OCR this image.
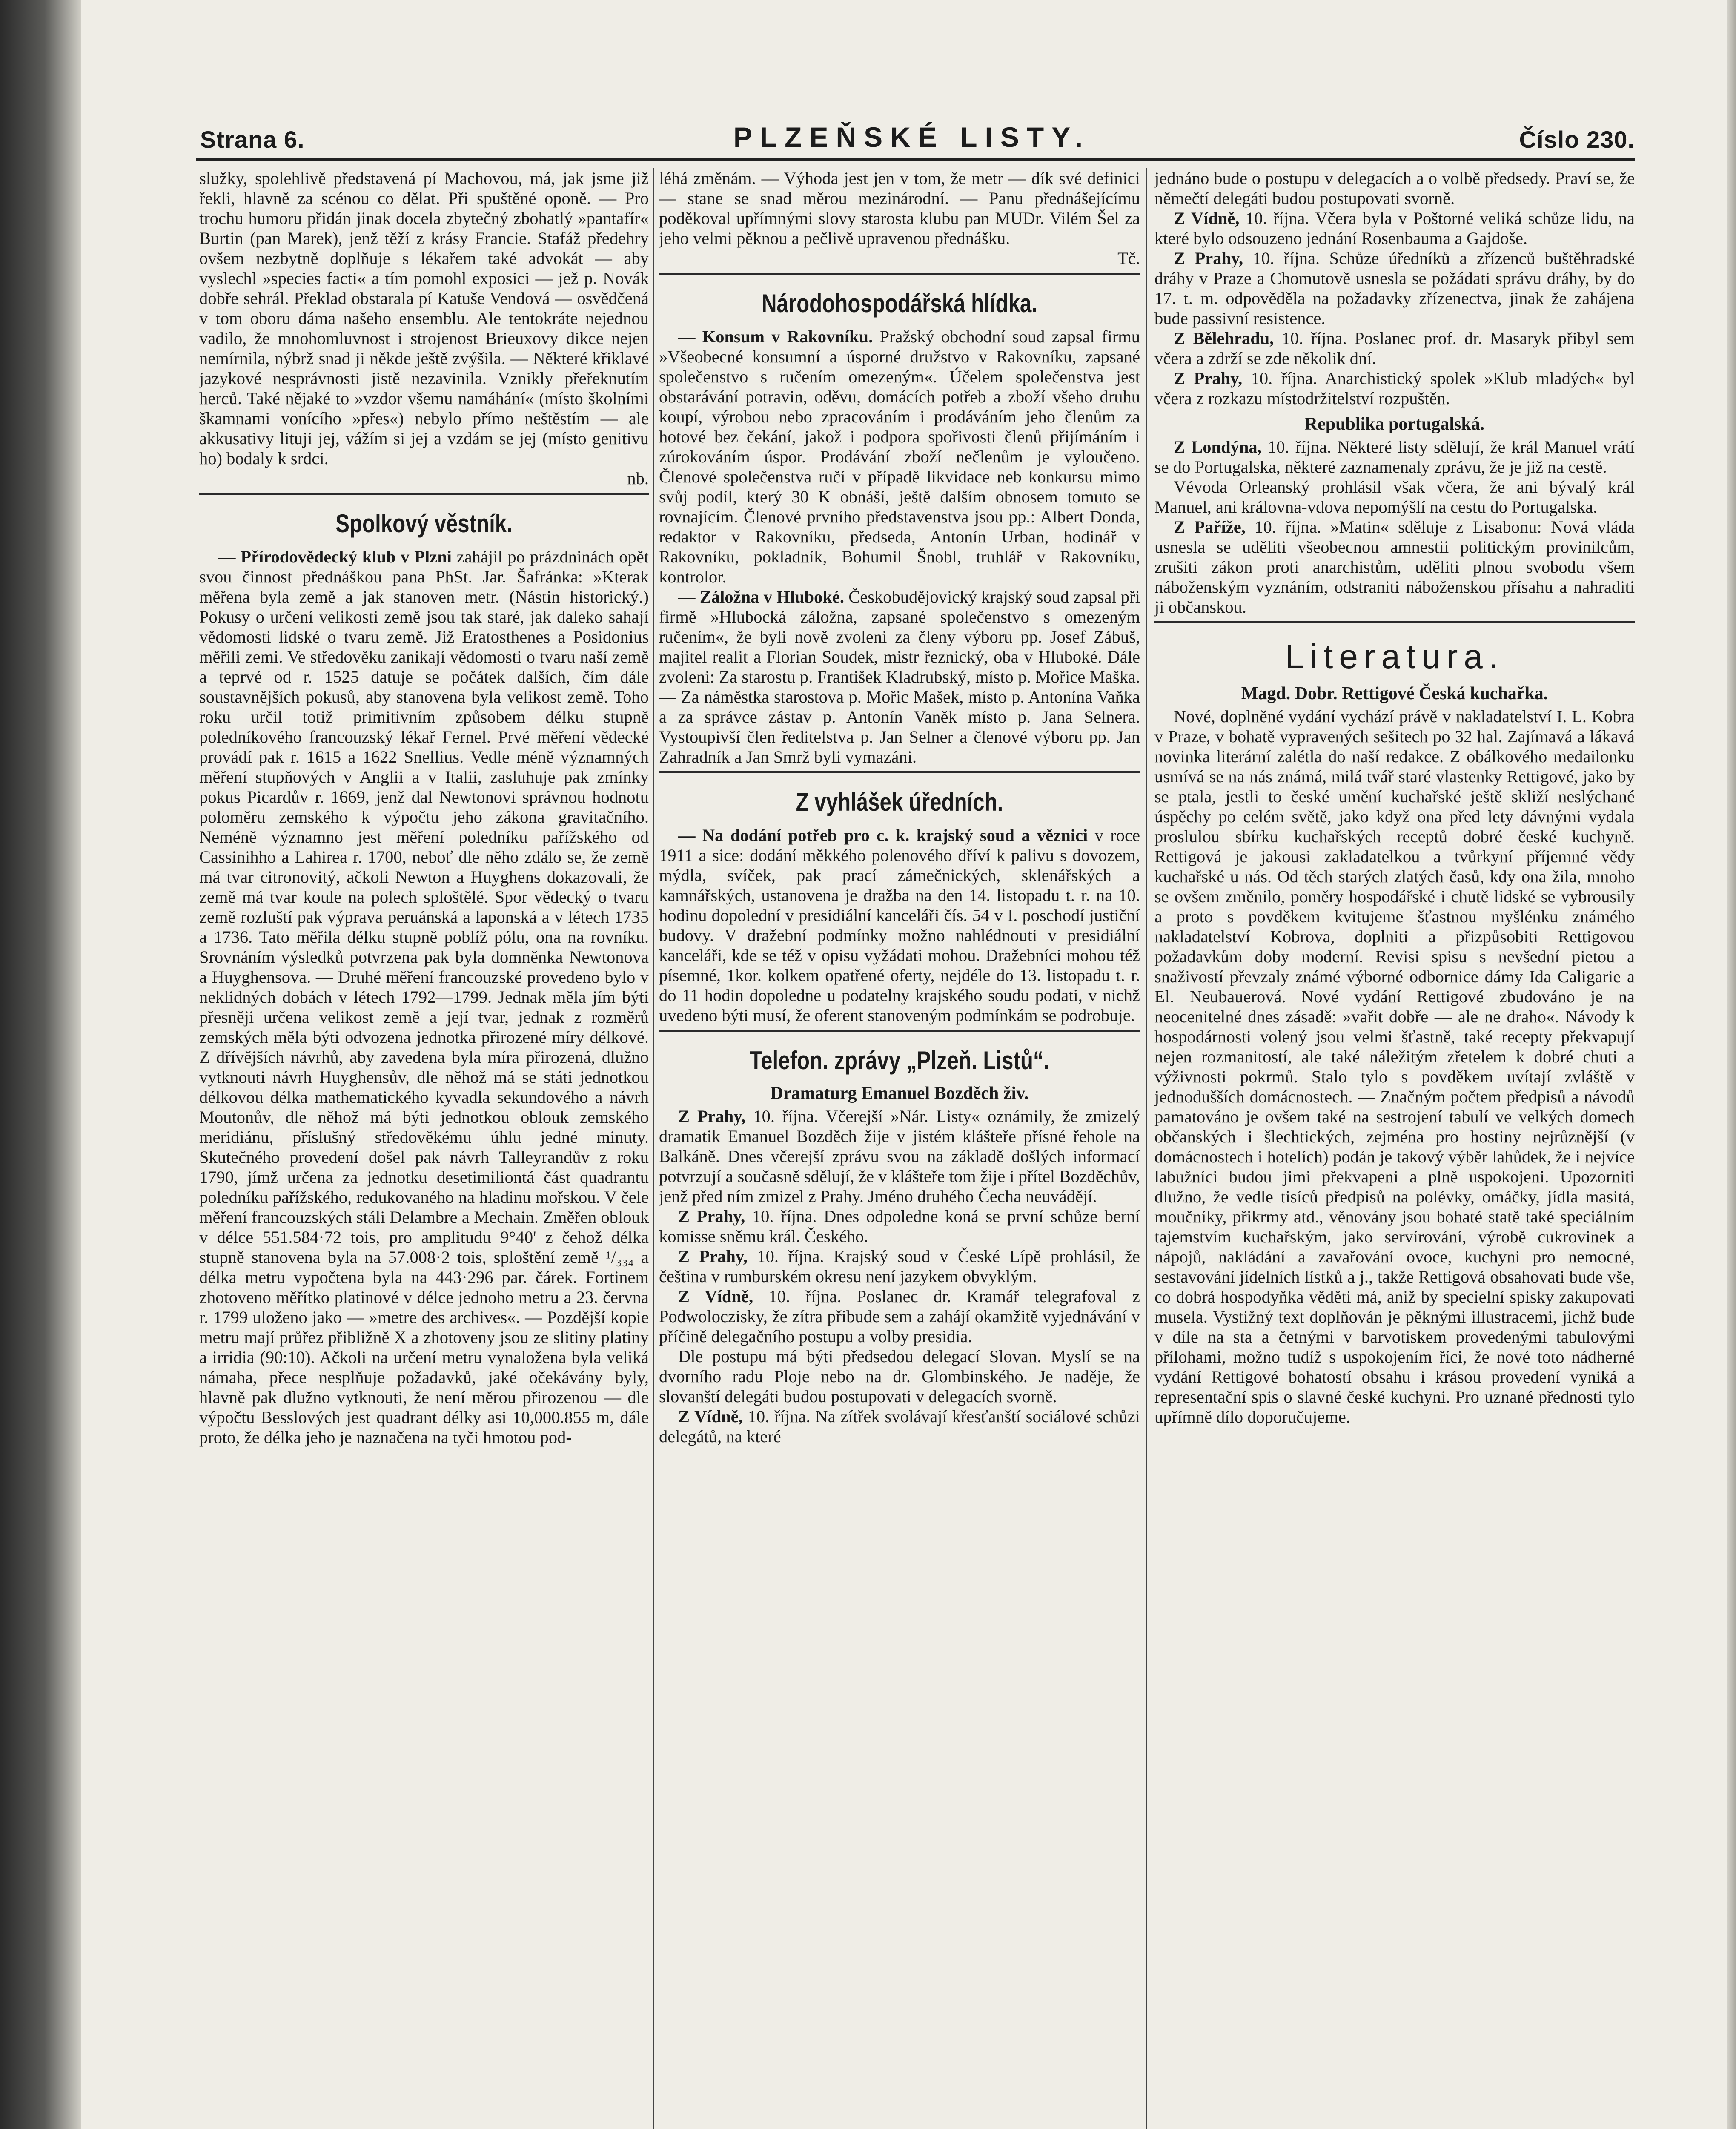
Strana 6.	PLZEŇSKÉ LISTY.	Číslo 230.

služky, spolehlivě představená pí Machovou, má, jak jsme již řekli, hlavně za scénou co dělat. Při spuštěné oponě. — Pro trochu humoru přidán jinak docela zbytečný zbohatlý »pantafír« Burtin (pan Marek), jenž těží z krásy Francie. Stafáž předehry ovšem nezbytně doplňuje s lékařem také advokát — aby vyslechl »species facti« a tím pomohl exposici — jež p. Novák dobře sehrál. Překlad obstarala pí Katuše Vendová — osvědčená v tom oboru dáma našeho ensemblu. Ale tentokráte nejednou vadilo, že mnohomluvnost i strojenost Brieuxovy dikce nejen nemírnila, nýbrž snad ji někde ještě zvýšila. — Některé křiklavé jazykové nesprávnosti jistě nezavinila. Vznikly přeřeknutím herců. Také nějaké to »vzdor všemu namáhání« (místo školními škamnami vonícího »přes«) nebylo přímo neštěstím — ale akkusativy lituji jej, vážím si jej a vzdám se jej (místo genitivu ho) bodaly k srdci.

nb.

Spolkový věstník.

— Přírodovědecký klub v Plzni zahájil po prázdninách opět svou činnost přednáškou pana PhSt. Jar. Šafránka: »Kterak měřena byla země a jak stanoven metr. (Nástin historický.) Pokusy o určení velikosti země jsou tak staré, jak daleko sahají vědomosti lidské o tvaru země. Již Eratosthenes a Posidonius měřili zemi. Ve středověku zanikají vědomosti o tvaru naší země a teprvé od r. 1525 datuje se počátek dalších, čím dále soustavnějších pokusů, aby stanovena byla velikost země. Toho roku určil totiž primitivním způsobem délku stupně poledníkového francouzský lékař Fernel. Prvé měření vědecké provádí pak r. 1615 a 1622 Snellius. Vedle méně významných měření stupňových v Anglii a v Italii, zasluhuje pak zmínky pokus Picardův r. 1669, jenž dal Newtonovi správnou hodnotu poloměru zemského k výpočtu jeho zákona gravitačního. Neméně významno jest měření poledníku pařížského od Cassinihho a Lahirea r. 1700, neboť dle něho zdálo se, že země má tvar citronovitý, ačkoli Newton a Huyghens dokazovali, že země má tvar koule na polech sploštělé. Spor vědecký o tvaru země rozluští pak výprava peruánská a laponská a v létech 1735 a 1736. Tato měřila délku stupně poblíž pólu, ona na rovníku. Srovnáním výsledků potvrzena pak byla domněnka Newtonova a Huyghensova. — Druhé měření francouzské provedeno bylo v neklidných dobách v létech 1792—1799. Jednak měla jím býti přesněji určena velikost země a její tvar, jednak z rozměrů zemských měla býti odvozena jednotka přirozené míry délkové. Z dřívějších návrhů, aby zavedena byla míra přirozená, dlužno vytknouti návrh Huyghensův, dle něhož má se státi jednotkou délkovou délka mathematického kyvadla sekundového a návrh Moutonův, dle něhož má býti jednotkou oblouk zemského meridiánu, příslušný středověkému úhlu jedné minuty. Skutečného provedení došel pak návrh Talleyrandův z roku 1790, jímž určena za jednotku desetimiliontá část quadrantu poledníku pařížského, redukovaného na hladinu mořskou. V čele měření francouzských stáli Delambre a Mechain. Změřen oblouk v délce 551.584·72 tois, pro amplitudu 9°40' z čehož délka stupně stanovena byla na 57.008·2 tois, sploštění země ¹/₃₃₄ a délka metru vypočtena byla na 443·296 par. čárek. Fortinem zhotoveno měřítko platinové v délce jednoho metru a 23. června r. 1799 uloženo jako — »metre des archives«. — Pozdější kopie metru mají průřez přibližně X a zhotoveny jsou ze slitiny platiny a irridia (90:10). Ačkoli na určení metru vynaložena byla veliká námaha, přece nesplňuje požadavků, jaké očekávány byly, hlavně pak dlužno vytknouti, že není měrou přirozenou — dle výpočtu Besslových jest quadrant délky asi 10,000.855 m, dále proto, že délka jeho je naznačena na tyči hmotou pod-

léhá změnám. — Výhoda jest jen v tom, že metr — dík své definici — stane se snad měrou mezinárodní. — Panu přednášejícímu poděkoval upřímnými slovy starosta klubu pan MUDr. Vilém Šel za jeho velmi pěknou a pečlivě upravenou přednášku.

Tč.

Národohospodářská hlídka.

— Konsum v Rakovníku. Pražský obchodní soud zapsal firmu »Všeobecné konsumní a úsporné družstvo v Rakovníku, zapsané společenstvo s ručením omezeným«. Účelem společenstva jest obstarávání potravin, oděvu, domácích potřeb a zboží všeho druhu koupí, výrobou nebo zpracováním i prodáváním jeho členům za hotové bez čekání, jakož i podpora spořivosti členů přijímáním i zúrokováním úspor. Prodávání zboží nečlenům je vyloučeno. Členové společenstva ručí v případě likvidace neb konkursu mimo svůj podíl, který 30 K obnáší, ještě dalším obnosem tomuto se rovnajícím. Členové prvního představenstva jsou pp.: Albert Donda, redaktor v Rakovníku, předseda, Antonín Urban, hodinář v Rakovníku, pokladník, Bohumil Šnobl, truhlář v Rakovníku, kontrolor.

— Záložna v Hluboké. Českobudějovický krajský soud zapsal při firmě »Hlubocká záložna, zapsané společenstvo s omezeným ručením«, že byli nově zvoleni za členy výboru pp. Josef Zábuš, majitel realit a Florian Soudek, mistr řeznický, oba v Hluboké. Dále zvoleni: Za starostu p. František Kladrubský, místo p. Mořice Maška. — Za náměstka starostova p. Mořic Mašek, místo p. Antonína Vaňka a za správce zástav p. Antonín Vaněk místo p. Jana Selnera. Vystoupivší člen ředitelstva p. Jan Selner a členové výboru pp. Jan Zahradník a Jan Smrž byli vymazáni.

Z vyhlášek úředních.

— Na dodání potřeb pro c. k. krajský soud a věznici v roce 1911 a sice: dodání měkkého polenového dříví k palivu s dovozem, mýdla, svíček, pak prací zámečnických, sklenářských a kamnářských, ustanovena je dražba na den 14. listopadu t. r. na 10. hodinu dopolední v presidiální kanceláři čís. 54 v I. poschodí justiční budovy. V dražební podmínky možno nahlédnouti v presidiální kanceláři, kde se též v opisu vyžádati mohou. Dražebníci mohou též písemné, 1kor. kolkem opatřené oferty, nejdéle do 13. listopadu t. r. do 11 hodin dopoledne u podatelny krajského soudu podati, v nichž uvedeno býti musí, že oferent stanoveným podmínkám se podrobuje.

Telefon. zprávy „Plzeň. Listů“.
Dramaturg Emanuel Bozděch živ.

Z Prahy, 10. října. Včerejší »Nár. Listy« oznámily, že zmizelý dramatik Emanuel Bozděch žije v jistém klášteře přísné řehole na Balkáně. Dnes včerejší zprávu svou na základě došlých informací potvrzují a současně sdělují, že v klášteře tom žije i přítel Bozděchův, jenž před ním zmizel z Prahy. Jméno druhého Čecha neuvádějí.

Z Prahy, 10. října. Dnes odpoledne koná se první schůze berní komisse sněmu král. Českého.

Z Prahy, 10. října. Krajský soud v České Lípě prohlásil, že čeština v rumburském okresu není jazykem obvyklým.

Z Vídně, 10. října. Poslanec dr. Kramář telegrafoval z Podwoloczisky, že zítra přibude sem a zahájí okamžitě vyjednávání v příčině delegačního postupu a volby presidia.

Dle postupu má býti předsedou delegací Slovan. Myslí se na dvorního radu Ploje nebo na dr. Glombinského. Je naděje, že slovanští delegáti budou postupovati v delegacích svorně.

Z Vídně, 10. října. Na zítřek svolávají křesťanští sociálové schůzi delegátů, na které

jednáno bude o postupu v delegacích a o volbě předsedy. Praví se, že němečtí delegáti budou postupovati svorně.

Z Vídně, 10. října. Včera byla v Poštorné veliká schůze lidu, na které bylo odsouzeno jednání Rosenbauma a Gajdoše.

Z Prahy, 10. října. Schůze úředníků a zřízenců buštěhradské dráhy v Praze a Chomutově usnesla se požádati správu dráhy, by do 17. t. m. odpověděla na požadavky zřízenectva, jinak že zahájena bude passivní resistence.

Z Bělehradu, 10. října. Poslanec prof. dr. Masaryk přibyl sem včera a zdrží se zde několik dní.

Z Prahy, 10. října. Anarchistický spolek »Klub mladých« byl včera z rozkazu místodržitelství rozpuštěn.

Republika portugalská.

Z Londýna, 10. října. Některé listy sdělují, že král Manuel vrátí se do Portugalska, některé zaznamenaly zprávu, že je již na cestě.

Vévoda Orleanský prohlásil však včera, že ani bývalý král Manuel, ani královna-vdova nepomýšlí na cestu do Portugalska.

Z Paříže, 10. října. »Matin« sděluje z Lisabonu: Nová vláda usnesla se uděliti všeobecnou amnestii politickým provinilcům, zrušiti zákon proti anarchistům, uděliti plnou svobodu všem náboženským vyznáním, odstraniti náboženskou přísahu a nahraditi ji občanskou.

Literatura.
Magd. Dobr. Rettigové Česká kuchařka.

Nové, doplněné vydání vychází právě v nakladatelství I. L. Kobra v Praze, v bohatě vypravených sešitech po 32 hal. Zajímavá a lákavá novinka literární zalétla do naší redakce. Z obálkového medailonku usmívá se na nás známá, milá tvář staré vlastenky Rettigové, jako by se ptala, jestli to české umění kuchařské ještě skliží neslýchané úspěchy po celém světě, jako když ona před lety dávnými vydala proslulou sbírku kuchařských receptů dobré české kuchyně. Rettigová je jakousi zakladatelkou a tvůrkyní příjemné vědy kuchařské u nás. Od těch starých zlatých časů, kdy ona žila, mnoho se ovšem změnilo, poměry hospodářské i chutě lidské se vybrousily a proto s povděkem kvitujeme šťastnou myšlénku známého nakladatelství Kobrova, doplniti a přizpůsobiti Rettigovou požadavkům doby moderní. Revisi spisu s nevšední pietou a snaživostí převzaly známé výborné odbornice dámy Ida Caligarie a El. Neubauerová. Nové vydání Rettigové zbudováno je na neocenitelné dnes zásadě: »vařit dobře — ale ne draho«. Návody k hospodárnosti volený jsou velmi šťastně, také recepty překvapují nejen rozmanitostí, ale také náležitým zřetelem k dobré chuti a výživnosti pokrmů. Stalo tylo s povděkem uvítají zvláště v jednodušších domácnostech. — Značným počtem předpisů a návodů pamatováno je ovšem také na sestrojení tabulí ve velkých domech občanských i šlechtických, zejména pro hostiny nejrůznější (v domácnostech i hotelích) podán je takový výběr lahůdek, že i nejvíce labužníci budou jimi překvapeni a plně uspokojeni. Upozorniti dlužno, že vedle tisíců předpisů na polévky, omáčky, jídla masitá, moučníky, přikrmy atd., věnovány jsou bohaté statě také speciálním tajemstvím kuchařským, jako servírování, výrobě cukrovinek a nápojů, nakládání a zavařování ovoce, kuchyni pro nemocné, sestavování jídelních lístků a j., takže Rettigová obsahovati bude vše, co dobrá hospodyňka věděti má, aniž by specielní spisky zakupovati musela. Vystižný text doplňován je pěknými illustracemi, jichž bude v díle na sta a četnými v barvotiskem provedenými tabulovými přílohami, možno tudíž s uspokojením říci, že nové toto nádherné vydání Rettigové bohatostí obsahu i krásou provedení vyniká a representační spis o slavné české kuchyni. Pro uznané přednosti tylo upřímně dílo doporučujeme.
